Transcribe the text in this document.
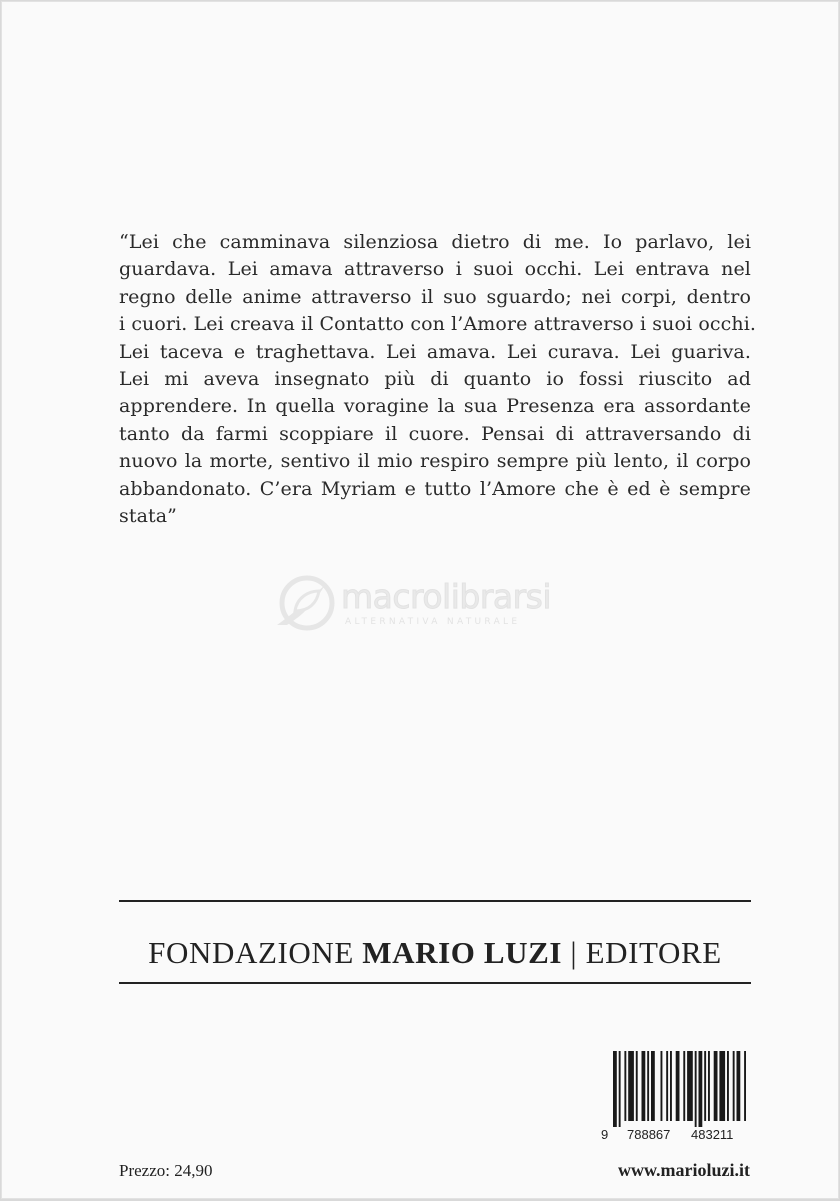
“Lei che camminava silenziosa dietro di me. Io parlavo, lei
guardava. Lei amava attraverso i suoi occhi. Lei entrava nel
regno delle anime attraverso il suo sguardo; nei corpi, dentro
i cuori. Lei creava il Contatto con l’Amore attraverso i suoi occhi.
Lei taceva e traghettava. Lei amava. Lei curava. Lei guariva.
Lei mi aveva insegnato più di quanto io fossi riuscito ad
apprendere. In quella voragine la sua Presenza era assordante
tanto da farmi scoppiare il cuore. Pensai di attraversando di
nuovo la morte, sentivo il mio respiro sempre più lento, il corpo
abbandonato. C’era Myriam e tutto l’Amore che è ed è sempre
stata”
macrolibrarsi
ALTERNATIVA NATURALE
FONDAZIONE MARIO LUZI | EDITORE
9 788867 483211
Prezzo: 24,90	www.marioluzi.it
